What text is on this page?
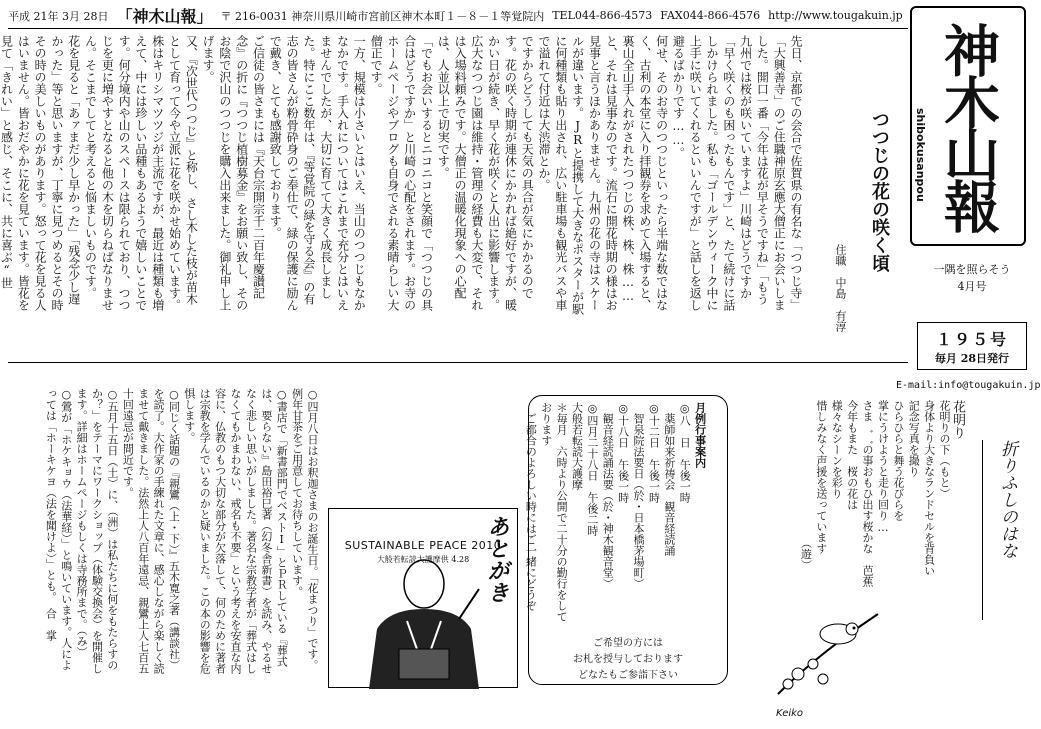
平成 21年 3月 28日 「神木山報」 〒 216-0031 神奈川県川崎市宮前区神木本町１－８－１等覚院内 TEL044-866-4573 FAX044-866-4576 http://www.tougakuin.jp
先日、京都での会合で佐賀県の有名な「つつじ寺」「大興善寺」のご住職神原玄應大僧正にお会いしました。開口一番「今年は花が早そうですね」「もう九州では桜が咲いていますよ」川崎はどうですか「早く咲くのも困ったもんです」と、たて続けに話しかけられました。私も「ゴールデンウィーク中に上手に咲いてくれるといいんですが」と話しを返し避るばかりです……。
何せ、そのお寺のつつじといったら半端な数ではなく、古利の本堂に入り拝観券を求めて入場すると、裏山全山手入れがされたつつじの株、株、株……と、それは見事なのです。流石に開花時期の様はお見事と言うほかありません。九州の花の寺はスケールが違います。JRと提携して大きなポスターが駅に何種類も貼り出され、広い駐車場も観光バスや車で溢れて付近は大渋滞とか。
ですからどうしても天気の具合が気にかかるのです。花の咲く時期が連休にかかれば絶好ですが、暖かい日が続き、早く花が咲くと人出に影響します。広大なつつじ園は維持・管理の経費も大変で、それは入場料頼みです。大僧正の温暖化現象への心配は、人並以上で切実です。
「でもお会いするとニコニコと笑顔で「つつじの具合はどうですか」と川崎の心配をされます。お寺のホームページやブログも自身でされる素晴らしい大僧正です。
一方、規模は小さいとはいえ、当山のつつじもなかなかです。手入れについてはこれまで充分とはいえませんでしたが、大切に育てて大きく成長しました。特にここ数年は、『等覚院の緑を守る会』の有志の皆さんが粉骨砕身のご奉仕で、緑の保護に励んで戴き、とても感謝致しております。
ご信徒の皆さまには『天台宗開宗千二百年慶讃記念』の折に『つつじ植樹募金』をお願い致し、そのお陰で沢山のつつじを購入出来ました。御礼申し上げます。
又、『次世代つつじ』と称し、さし木した枝が苗木として育って今や立派に花を咲かせ始めています。株はキリシマツツジが主流ですが、最近は種類も増えて、中には珍しい品種もあるようで嬉しいことです。何分境内や山のスペースは限られており、つつじを更に増やすとなると他の木を切らねばなりません。そこまでしてと考えると悩ましいものです。
花を見ると「あァまだ少し早かった」「残念少し遅かった」等と思いますが、丁寧に見つめるとその時その時の美しいものがあります。怒って花を見る人はいません。皆おだやかに花を見ています。皆花を見て「きれい」と感じ、そこに、共に喜ぶ“世

つつじの花の咲く頃
住職　中島　有淳
神木山報
shibokusanpou
一隅を照らそう
4月号
１９５号
毎月 28日発行
E-mail:info@tougakuin.jp
折りふしのはな
花明り
花明りの下（もと）
身体より大きなランドセルを背負い
記念写真を撮り
ひらひらと舞う花びらを
掌にうけようと走り回り…
さま゛゛の事おもひ出す桜かな　芭蕉
今年もまた　桜の花は
様々なシーンを彩り
惜しみなく声援を送っています
　　　　　　　　　　　　　（遊）

月例行事案内
◎八　日　午後一時
　薬師如来祈祷会　観音経読誦
◎十二日　午後一時
　智泉院法要日（於・日本橋茅場町）
◎十八日　午後一時
　観音経読誦法要（於・神木観音堂）
◎四月二十八日　午後二時
大般若転読大護摩
＊毎月　六時より公開で二十分の勤行をしております
　ご都合のよろしい時にはご一緒にどうぞ

ご希望の方には
お札を授与しております
どなたもご参詣下さい
SUSTAINABLE PEACE 2010
大般若転読大護摩供 4.28 あとがき
○四月八日はお釈迦さまのお誕生日。「花まつり」です。例年甘茶をご用意してお待ちしています。
○書店で「新書部門でベストⅠ」とＰＲしている『葬式は、要らない』島田裕巳著（幻冬舎新書）を読み、やるせなく悲しい思いがしました。著名な宗教学者が「葬式はしなくてもかまわない、戒名も不要」という考えを安直な内容に、仏教のもつ大切な部分が欠落して、何のために著者は宗教を学んでいるのかと疑いました。この本の影響を危惧します。
○同じく話題の『親鸞（上・下）』五木寛之著（講談社）を読了。大作家の手練れた文章に、感心しながら楽しく読ませて戴きました。法然上人八百年遠忌、親鸞上人七百五十回遠忌が間近です。
○五月十五日（土）に、（洲）は私たちに何をもたらすのか？」をテーマにワークショップ（体験交換会）を開催します。詳細はホームページもしくは寺務所まで。（み）
○鶯が「ホケキョウ（法華経）」と鳴いています。人によっては「ホーキケヨ（法を聞けよ）」とも。　合　掌
Keiko
